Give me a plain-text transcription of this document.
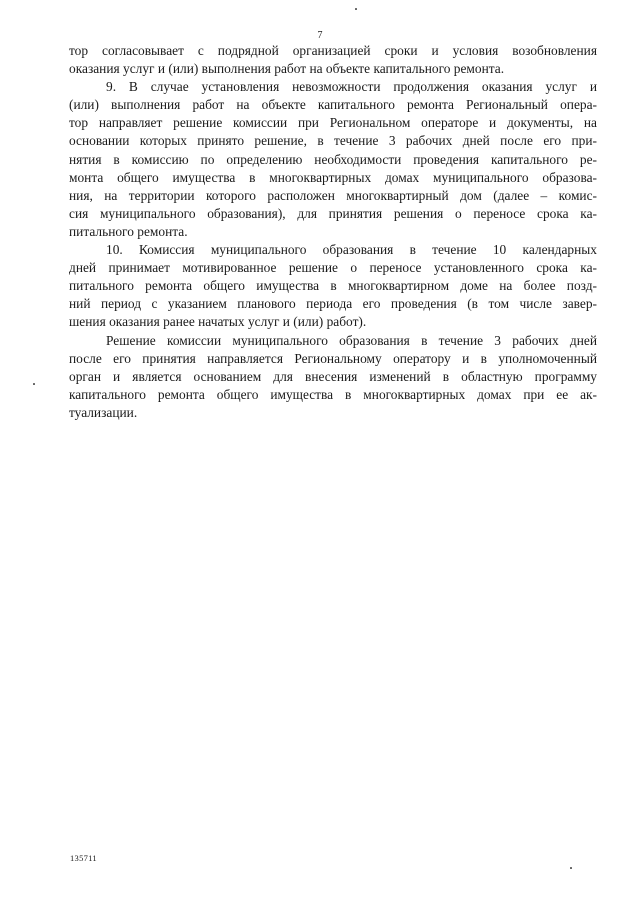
7
тор согласовывает с подрядной организацией сроки и условия возобновления
оказания услуг и (или) выполнения работ на объекте капитального ремонта.
9. В случае установления невозможности продолжения оказания услуг и
(или) выполнения работ на объекте капитального ремонта Региональный опера-
тор направляет решение комиссии при Региональном операторе и документы, на
основании которых принято решение, в течение 3 рабочих дней после его при-
нятия в комиссию по определению необходимости проведения капитального ре-
монта общего имущества в многоквартирных домах муниципального образова-
ния, на территории которого расположен многоквартирный дом (далее – комис-
сия муниципального образования), для принятия решения о переносе срока ка-
питального ремонта.
10. Комиссия муниципального образования в течение 10 календарных
дней принимает мотивированное решение о переносе установленного срока ка-
питального ремонта общего имущества в многоквартирном доме на более позд-
ний период с указанием планового периода его проведения (в том числе завер-
шения оказания ранее начатых услуг и (или) работ).
Решение комиссии муниципального образования в течение 3 рабочих дней
после его принятия направляется Региональному оператору и в уполномоченный
орган и является основанием для внесения изменений в областную программу
капитального ремонта общего имущества в многоквартирных домах при ее ак-
туализации.
135711
